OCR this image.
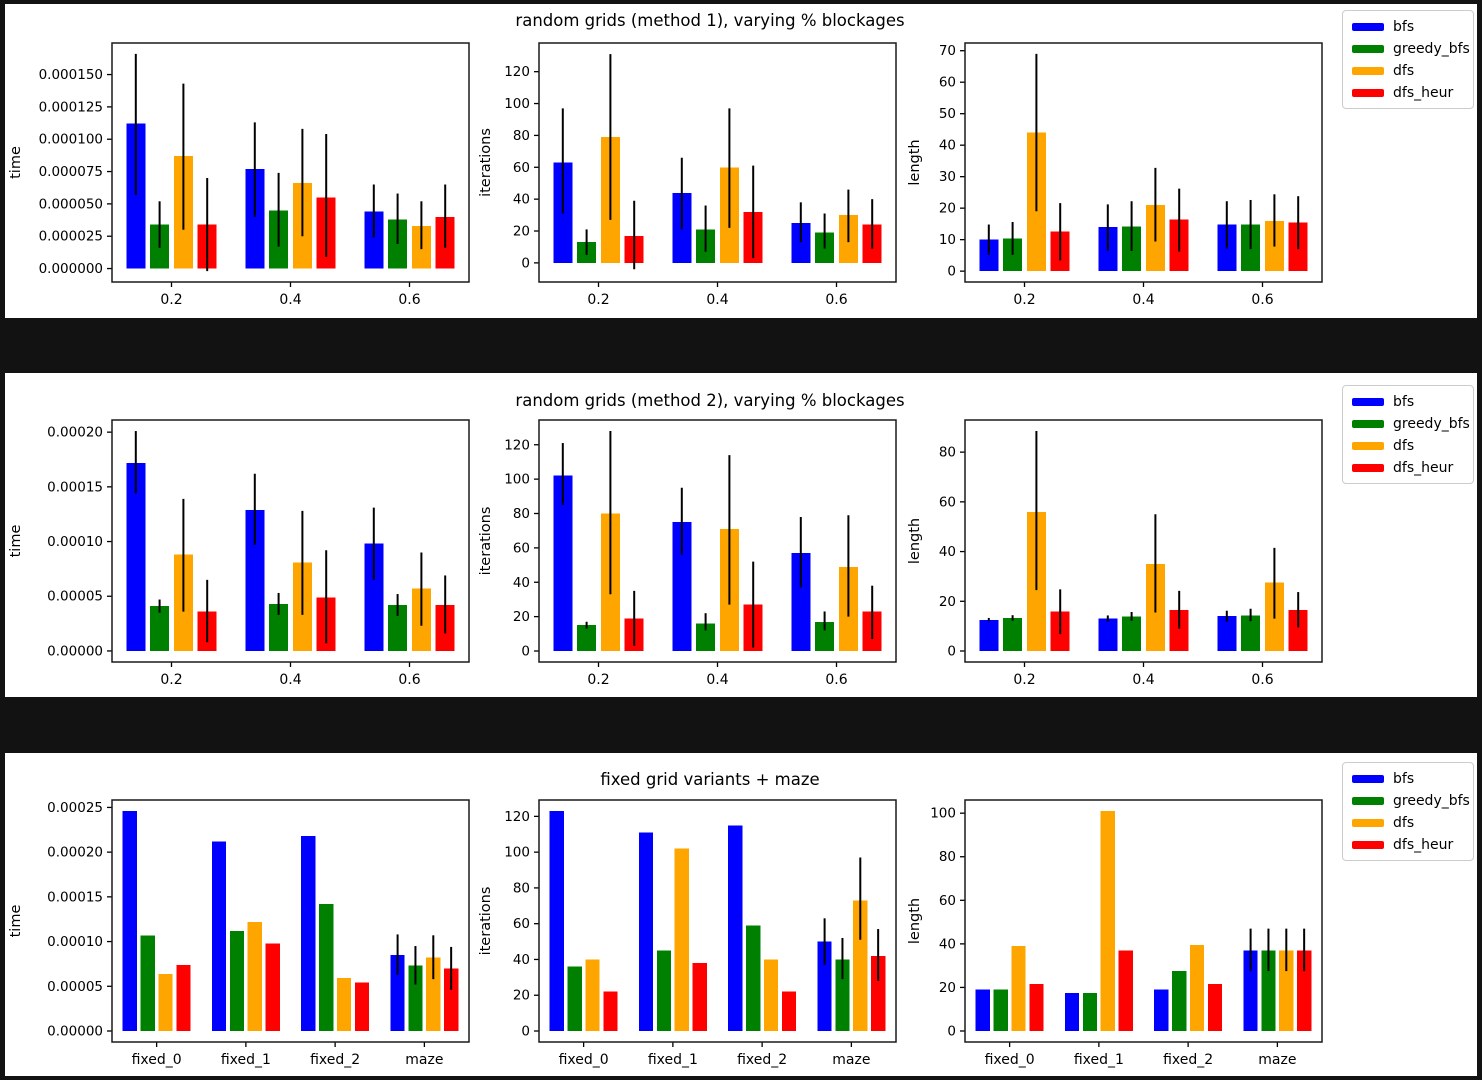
0.000000
0.000025
0.000050
0.000075
0.000100
0.000125
0.000150
time
0.2	0.4	0.6
0
20
40
60
80
100
120
iterations
0.2	0.4	0.6
0
10
20
30
40
50
60
70
length
0.2	0.4	0.6
random grids (method 1), varying % blockages	bfs
greedy_bfs
dfs
dfs_heur
0.00000
0.00005
0.00010
0.00015
0.00020
time
0.2	0.4	0.6
0
20
40
60
80
100
120
iterations
0.2	0.4	0.6
0
20
40
60
80
length
0.2	0.4	0.6
random grids (method 2), varying % blockages	bfs
greedy_bfs
dfs
dfs_heur
0.00000
0.00005
0.00010
0.00015
0.00020
0.00025
time
fixed_0	fixed_1	fixed_2	maze
0
20
40
60
80
100
120
iterations
fixed_0	fixed_1	fixed_2	maze
0
20
40
60
80
100
length
fixed_0	fixed_1	fixed_2	maze
fixed grid variants + maze	bfs
greedy_bfs
dfs
dfs_heur
